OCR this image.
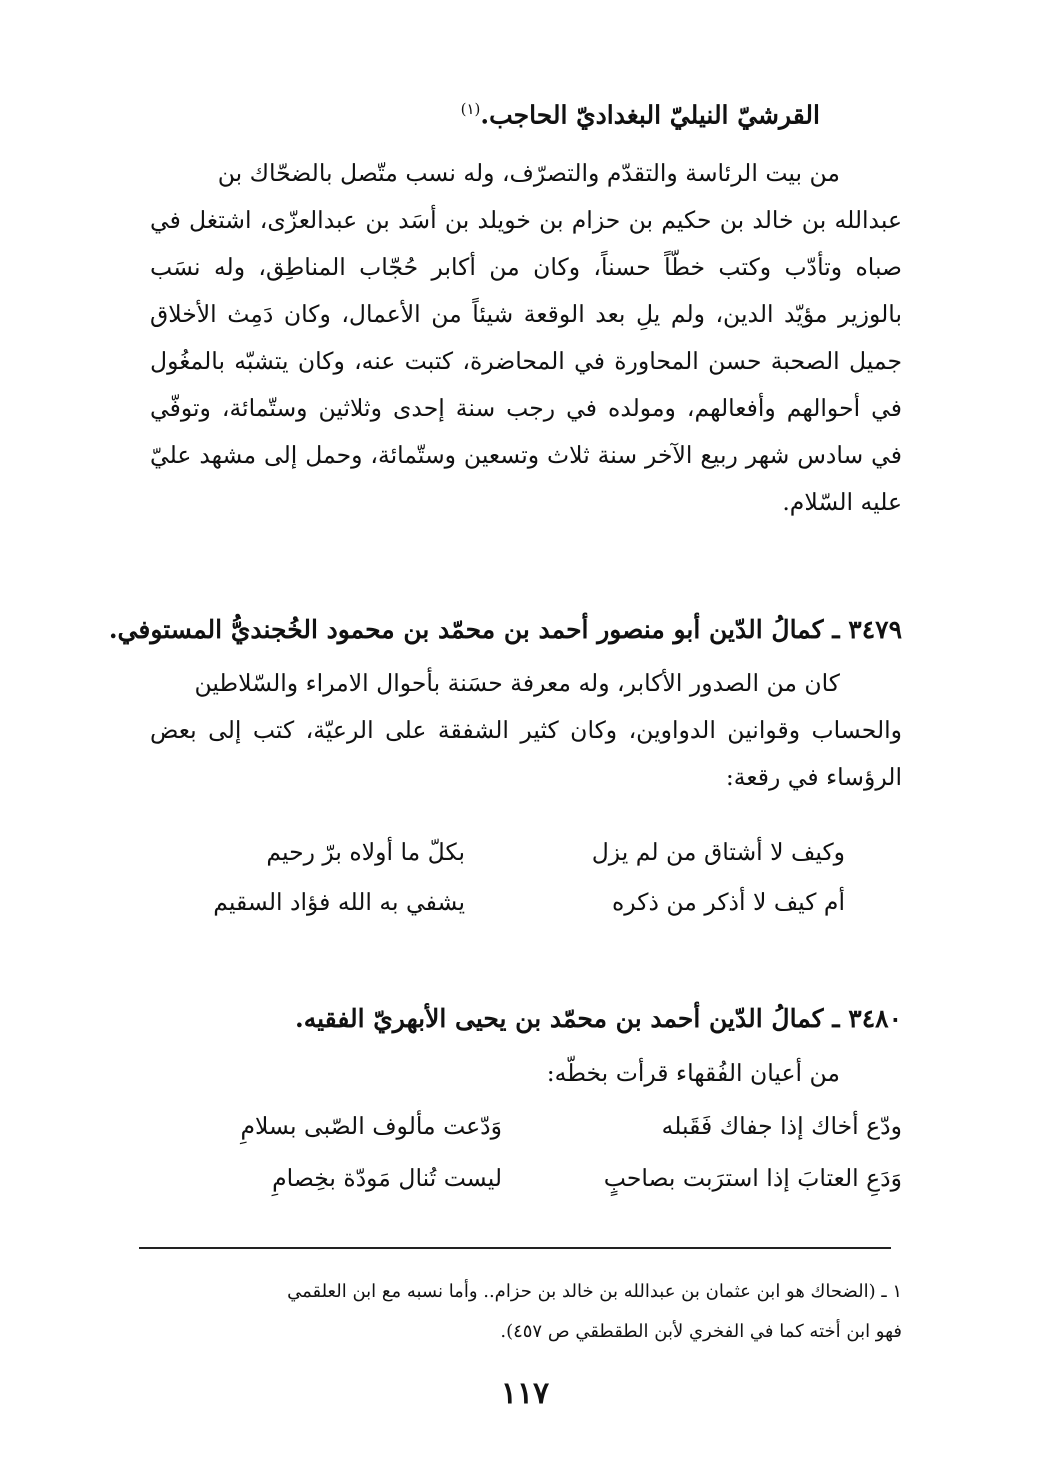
القرشيّ النيليّ البغداديّ الحاجب.$^{(١)}$
من بيت الرئاسة والتقدّم والتصرّف، وله نسب متّصل بالضحّاك بن
عبدالله بن خالد بن حكيم بن حزام بن خويلد بن أسَد بن عبدالعزّى، اشتغل في صباه وتأدّب وكتب خطّاً حسناً، وكان من أكابر حُجّاب المناطِق، وله نسَب بالوزير مؤيّد الدين، ولم يلِ بعد الوقعة شيئاً من الأعمال، وكان دَمِث الأخلاق جميل الصحبة حسن المحاورة في المحاضرة، كتبت عنه، وكان يتشبّه بالمغُول في أحوالهم وأفعالهم، ومولده في رجب سنة إحدى وثلاثين وستّمائة، وتوفّي في سادس شهر ربيع الآخر سنة ثلاث وتسعين وستّمائة، وحمل إلى مشهد عليّ عليه السّلام.
٣٤٧٩ ـ كمالُ الدّين أبو منصور أحمد بن محمّد بن محمود الخُجنديُّ المستوفي.
كان من الصدور الأكابر، وله معرفة حسَنة بأحوال الامراء والسّلاطين
والحساب وقوانين الدواوين، وكان كثير الشفقة على الرعيّة، كتب إلى بعض الرؤساء في رقعة:
وكيف لا أشتاق من لم يزل
بكلّ ما أولاه برّ رحيم
أم كيف لا أذكر من ذكره
يشفي به الله فؤاد السقيم
٣٤٨٠ ـ كمالُ الدّين أحمد بن محمّد بن يحيى الأبهريّ الفقيه.
من أعيان الفُقهاء قرأت بخطّه:
ودّع أخاك إذا جفاك فَقَبله
وَدّعت مألوف الصّبى بسلامِ
وَدَعِ العتابَ إذا استرَبت بصاحبٍ
ليست تُنال مَودّة بخِصامِ
١ ـ (الضحاك هو ابن عثمان بن عبدالله بن خالد بن حزام.. وأما نسبه مع ابن العلقمي
فهو ابن أخته كما في الفخري لأبن الطقطقي ص ٤٥٧).
١١٧
